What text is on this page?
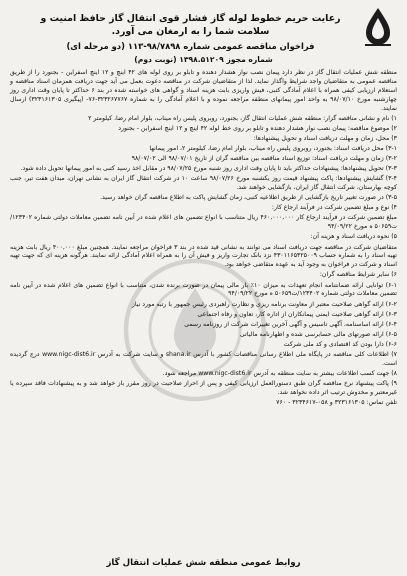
رعایت حریم خطوط لوله گاز فشار قوی انتقال گاز حافظ امنیت و سلامت شما را به ارمغان می آورد.
فراخوان مناقصه عمومی شماره ۹۸/۷۸۹۸-۱۱۳ (دو مرحله ای)
شماره مجوز ۱۳۹۸.۵۱۲۰۹ (نوبت دوم)

منطقه شش عملیات انتقال گاز در نظر دارد پیمان نصب نوار هشدار دهنده و تابلو بر روی لوله های ۴۲ اینچ و ۱۲ اینچ اسفراین - بجنورد را از طریق مناقصه عمومی به متقاضیان واجد شرایط واگذار نماید. لذا از متقاضیان شرکت در مناقصه دعوت بعمل می آید جهت دریافت همزمان اسناد مناقصه و استعلام ارزیابی کیفی همراه با اعلام آمادگی کتبی، فیش واریزی بابت هزینه اسناد و گواهی های خواسته شده در بند ۶ حداکثر تا پایان وقت اداری روز چهارشنبه مورخ ۹۸/۰۷/۱۰ به واحد امور پیمانهای منطقه مراجعه نموده و با اعلام آمادگی را به شماره ۳۲۳۲۶۷۷۶۷-۷۶- (پیگیری ۳۲۳۱۶۱۳۰۵) ارسال نمایند.

۱) نام و نشانی مناقصه گزار: منطقه شش عملیات انتقال گاز، بجنورد، روبروی پلیس راه میناب، بلوار امام رضا، کیلومتر ۲

۲) موضوع مناقصه: پیمان نصب نوار هشدار دهنده و تابلو بر روی خط لوله ۴۲ اینچ و ۱۲ اینچ اسفراین - بجنورد

۳) محل، زمان و مهلت دریافت اسناد و تحویل پیشنهادها:

۳-۱) محل دریافت اسناد: بجنورد، روبروی پلیس راه میناب، بلوار امام رضا، کیلومتر ۲، امور پیمانها

۳-۲) زمان و مهلت دریافت اسناد: توزیع اسناد مناقصه بین مناقصه گران از تاریخ ۹۸/۰۷/۰۱ الی ۹۸/۰۷/۰۲

۳-۳) تحویل پیشنهادها: پیشنهادات حداکثر باید تا پایان وقت اداری روز شنبه مورخ ۹۸/۰۷/۲۵ در مقابل اخذ رسید کتبی به امور پیمانها تحویل داده شود.

۳-۴) گشایش پیشنهادها: پاکت پیشنهاد قیمت روز یکشنبه مورخ ۹۸/۰۷/۲۶ ساعت ۱۰ در شرکت انتقال گاز ایران به نشانی تهران، میدان هفت تیر، جنب کوچه بهارستان، شرکت انتقال گاز ایران، بازگشایی خواهند شد.

۳-۵) در صورت تغییر تاریخ بازگشایی از طریق اطلاعیه کتبی، زمان گشایش پاکت به اطلاع مناقصه گران خواهد رسید.

۴) نوع و مبلغ تضمین شرکت در فرآیند ارجاع کار:

مبلغ تضمین شرکت در فرآیند ارجاع کار ۴۶۰,۰۰۰,۰۰۰ ریال متناسب با انواع تضمین های اعلام شده در آیین نامه تضمین معاملات دولتی شماره ۱۲۳۴۰۲/ت۵۰۶۵۹ ه مورخ ۹۴/۰۹/۲۲

۵) نحوه دریافت اسناد و هزینه آن:

متقاضیان شرکت در مناقصه جهت دریافت اسناد می توانند به نشانی قید شده در بند ۳ فراخوان مراجعه نمایند. همچنین مبلغ ۴۰۰,۰۰۰ ریال بابت هزینه تهیه اسناد را به شماره حساب ۴۳۰۱۱۶۵۳۲۵۰۰۹ نزد بانک تجارت واریز و فیش آن را به همراه اعلام آمادگی ارائه نمایند. هرگونه هزینه ای که جهت تهیه اسناد و شرکت در فراخوان به وجود آید به عهده متقاضی خواهد بود.

۶) سایر شرایط مناقصه گران:

۶-۱) توانایی ارائه ضمانتنامه انجام تعهدات به میزان ۱۰٪ بار مالی پیمان در صورت برنده شدن، متناسب با انواع تضمین های اعلام شده در آیین نامه تضمین معاملات دولتی شماره ۱۲۳۴۰۲/ت۵۰۶۵۹ ه مورخ ۹۴/۰۹/۲۲

۶-۲) ارائه گواهی صلاحیت معتبر از معاونت برنامه ریزی و نظارت راهبردی رئیس جمهور با رتبه مورد نیاز

۶-۳) ارائه گواهی صلاحیت ایمنی پیمانکاران از اداره کار، تعاون و رفاه اجتماعی

۶-۴) ارائه اساسنامه، آگهی تاسیس و آگهی آخرین تغییرات شرکت از روزنامه رسمی

۶-۵) ارائه صورتهای مالی حسابرسی شده و اظهارنامه مالیاتی

۶-۶) دارا بودن کد اقتصادی و کد ملی شرکت

۷) اطلاعات کلی مناقصه در پایگاه ملی اطلاع رسانی مناقصات کشور با آدرس shana.ir و سایت شرکت به آدرس www.nigc-dist6.ir درج گردیده است.

۸) جهت کسب اطلاعات بیشتر به سایت منطقه به آدرس www.nigc-dist6.ir مراجعه شود.

۹) پاکت پیشنهاد نرخ مناقصه گران طبق دستورالعمل ارزیابی کیفی و پس از احراز صلاحیت در روز مقرر باز خواهد شد و به پیشنهادات فاقد سپرده یا غیرمعتبر و مخدوش ترتیب اثر داده نخواهد شد.

تلفن تماس: ۳۲۳۱۶۱۳۰۵ و ۰۵۸-۳۲۳۴۶۱۷ - ۷۶۰

روابط عمومی منطقه شش عملیات انتقال گاز
